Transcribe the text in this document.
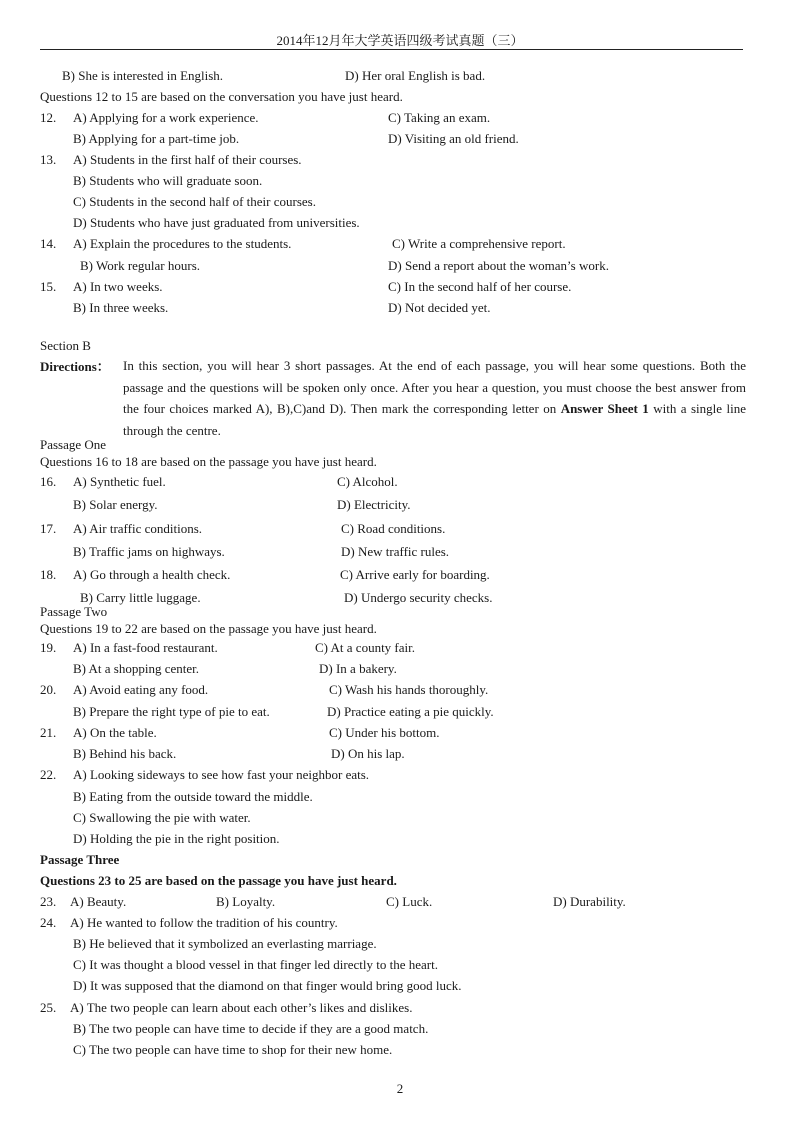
2014年12月年大学英语四级考试真题（三）
B) She is interested in English.	D) Her oral English is bad.
Questions 12 to 15 are based on the conversation you have just heard.
12. A) Applying for a work experience.	C) Taking an exam.
B) Applying for a part-time job.	D) Visiting an old friend.
13. A) Students in the first half of their courses.
B) Students who will graduate soon.
C) Students in the second half of their courses.
D) Students who have just graduated from universities.
14. A) Explain the procedures to the students.	C) Write a comprehensive report.
B) Work regular hours.	D) Send a report about the woman’s work.
15. A) In two weeks.	C) In the second half of her course.
B) In three weeks.	D) Not decided yet.
Section B
Directions： In this section, you will hear 3 short passages. At the end of each passage, you will hear some questions. Both the passage and the questions will be spoken only once. After you hear a question, you must choose the best answer from the four choices marked A), B),C)and D). Then mark the corresponding letter on Answer Sheet 1 with a single line through the centre.
Passage One
Questions 16 to 18 are based on the passage you have just heard.
16. A) Synthetic fuel.	C) Alcohol.
B) Solar energy.	D) Electricity.
17. A) Air traffic conditions.	C) Road conditions.
B) Traffic jams on highways.	D) New traffic rules.
18. A) Go through a health check.	C) Arrive early for boarding.
B) Carry little luggage.	D) Undergo security checks.
Passage Two
Questions 19 to 22 are based on the passage you have just heard.
19. A) In a fast-food restaurant.	C) At a county fair.
B) At a shopping center.	D) In a bakery.
20. A) Avoid eating any food.	C) Wash his hands thoroughly.
B) Prepare the right type of pie to eat.	D) Practice eating a pie quickly.
21. A) On the table.	C) Under his bottom.
B) Behind his back.	D) On his lap.
22. A) Looking sideways to see how fast your neighbor eats.
B) Eating from the outside toward the middle.
C) Swallowing the pie with water.
D) Holding the pie in the right position.
Passage Three
Questions 23 to 25 are based on the passage you have just heard.
23. A) Beauty.	B) Loyalty.	C) Luck.	D) Durability.
24. A) He wanted to follow the tradition of his country.
B) He believed that it symbolized an everlasting marriage.
C) It was thought a blood vessel in that finger led directly to the heart.
D) It was supposed that the diamond on that finger would bring good luck.
25. A) The two people can learn about each other’s likes and dislikes.
B) The two people can have time to decide if they are a good match.
C) The two people can have time to shop for their new home.
2
